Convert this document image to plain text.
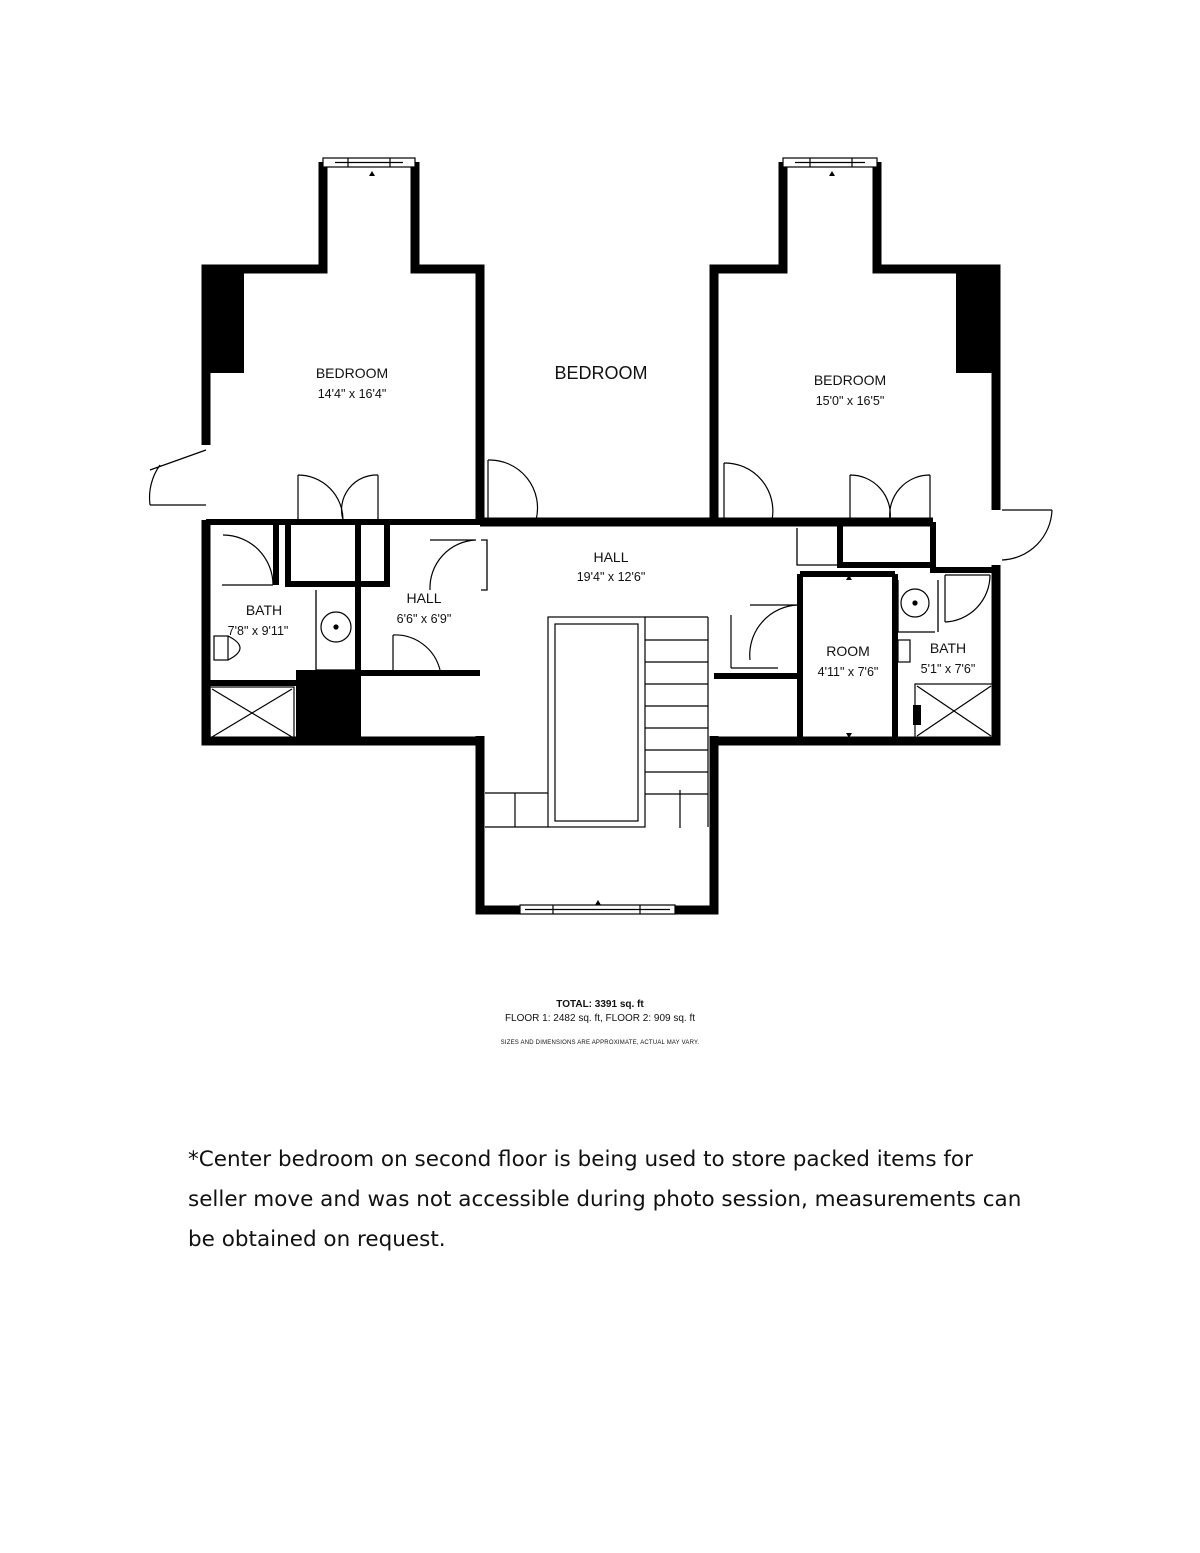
BEDROOM
14'4" x 16'4"
BEDROOM	BEDROOM
15'0" x 16'5"
HALL
19'4" x 12'6"
BATH
7'8" x 9'11"
HALL
6'6" x 6'9"
ROOM
4'11" x 7'6"
BATH
5'1" x 7'6"
TOTAL: 3391 sq. ft
FLOOR 1: 2482 sq. ft, FLOOR 2: 909 sq. ft
SIZES AND DIMENSIONS ARE APPROXIMATE, ACTUAL MAY VARY.
*Center bedroom on second floor is being used to store packed items for seller move and was not accessible during photo session, measurements can be obtained on request.
